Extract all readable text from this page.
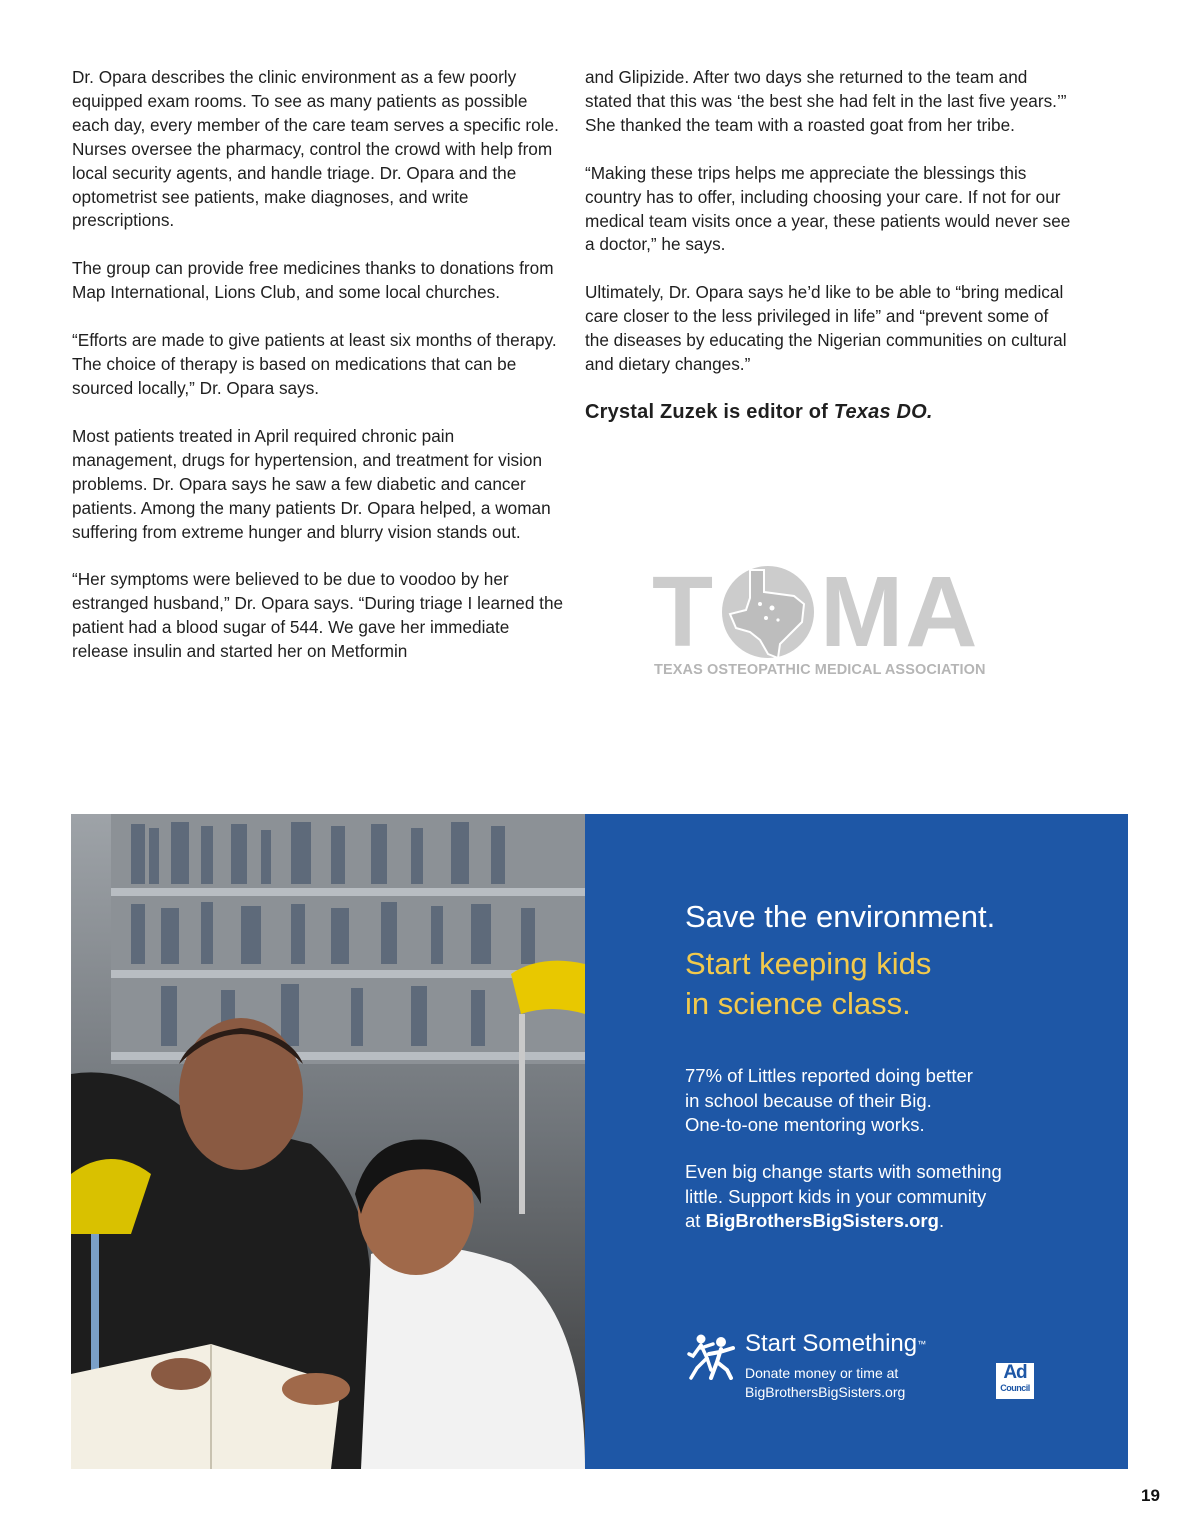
Dr. Opara describes the clinic environment as a few poorly equipped exam rooms. To see as many patients as possible each day, every member of the care team serves a specific role. Nurses oversee the pharmacy, control the crowd with help from local security agents, and handle triage. Dr. Opara and the optometrist see patients, make diagnoses, and write prescriptions.

The group can provide free medicines thanks to donations from Map International, Lions Club, and some local churches.

“Efforts are made to give patients at least six months of therapy. The choice of therapy is based on medications that can be sourced locally,” Dr. Opara says.

Most patients treated in April required chronic pain management, drugs for hypertension, and treatment for vision problems. Dr. Opara says he saw a few diabetic and cancer patients. Among the many patients Dr. Opara helped, a woman suffering from extreme hunger and blurry vision stands out.

“Her symptoms were believed to be due to voodoo by her estranged husband,” Dr. Opara says. “During triage I learned the patient had a blood sugar of 544. We gave her immediate release insulin and started her on Metformin

and Glipizide. After two days she returned to the team and stated that this was ‘the best she had felt in the last five years.’” She thanked the team with a roasted goat from her tribe.

“Making these trips helps me appreciate the blessings this country has to offer, including choosing your care. If not for our medical team visits once a year, these patients would never see a doctor,” he says.

Ultimately, Dr. Opara says he’d like to be able to “bring medical care closer to the less privileged in life” and “prevent some of the diseases by educating the Nigerian communities on cultural and dietary changes.”

Crystal Zuzek is editor of Texas DO.
T MA
TEXAS OSTEOPATHIC MEDICAL ASSOCIATION
Save the environment.
Start keeping kids
in science class.
77% of Littles reported doing better
in school because of their Big.
One-to-one mentoring works.
Even big change starts with something
little. Support kids in your community
at BigBrothersBigSisters.org.
Start Something™
Donate money or time at
BigBrothersBigSisters.org
Ad
Council
19
